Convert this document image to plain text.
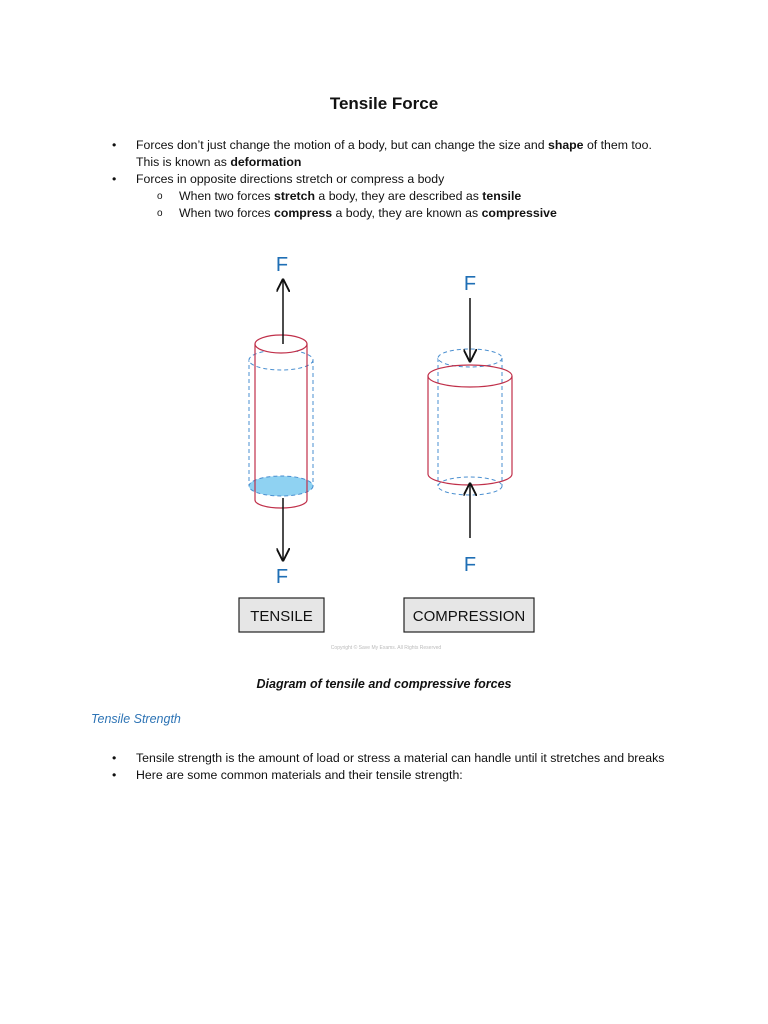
Tensile Force
• Forces don’t just change the motion of a body, but can change the size and shape of them too. This is known as deformation
• Forces in opposite directions stretch or compress a body
o When two forces stretch a body, they are described as tensile
o When two forces compress a body, they are known as compressive
F
F
F
F
TENSILE	COMPRESSION
Copyright © Save My Exams. All Rights Reserved
Diagram of tensile and compressive forces
Tensile Strength
• Tensile strength is the amount of load or stress a material can handle until it stretches and breaks
• Here are some common materials and their tensile strength:
